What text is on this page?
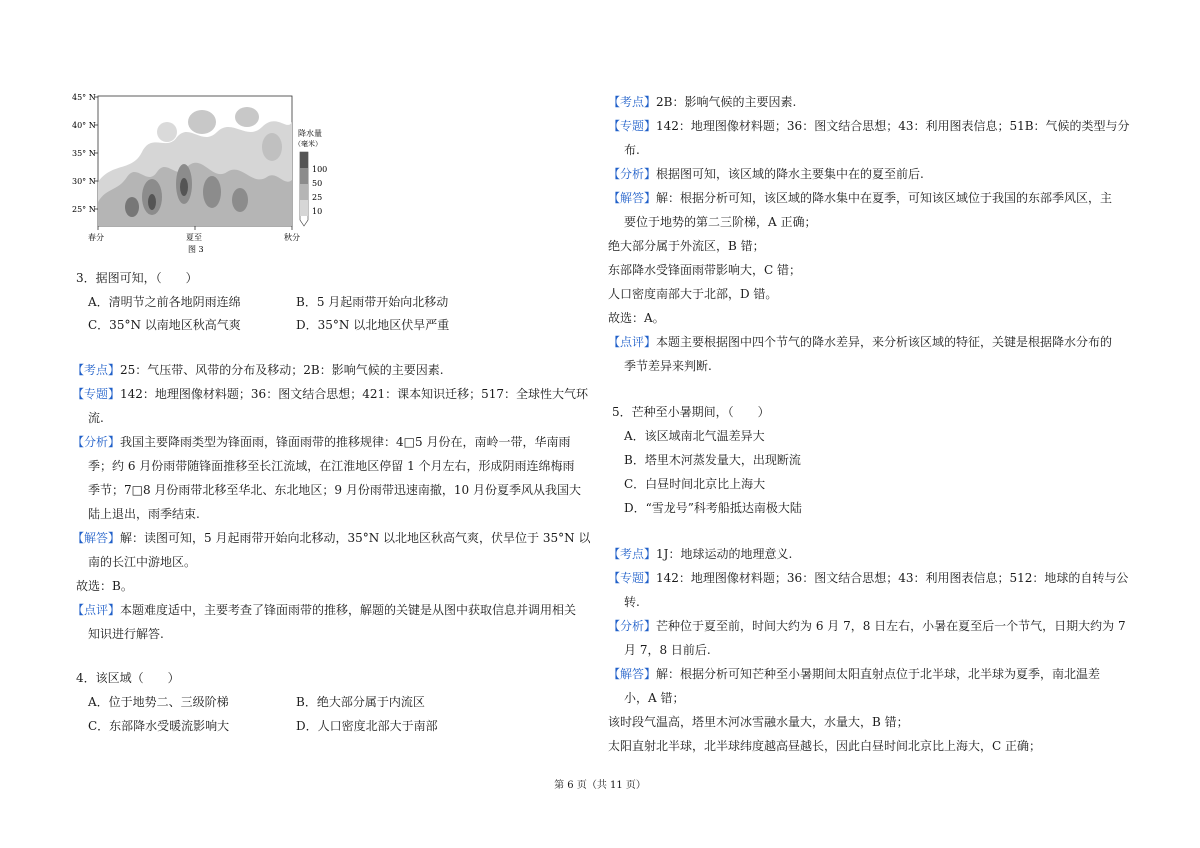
45° N
40° N
35° N
30° N
25° N
春分	夏至	秋分
图 3
降水量
（毫米）
100
50
25
10
3．据图可知，（　　）
A．清明节之前各地阴雨连绵	B．5 月起雨带开始向北移动
C．35°N 以南地区秋高气爽	D．35°N 以北地区伏旱严重
【考点】25：气压带、风带的分布及移动；2B：影响气候的主要因素.
【专题】142：地理图像材料题；36：图文结合思想；421：课本知识迁移；517：全球性大气环
流.
【分析】我国主要降雨类型为锋面雨，锋面雨带的推移规律：4□5 月份在，南岭一带，华南雨
季；约 6 月份雨带随锋面推移至长江流域，在江淮地区停留 1 个月左右，形成阴雨连绵梅雨
季节；7□8 月份雨带北移至华北、东北地区；9 月份雨带迅速南撤，10 月份夏季风从我国大
陆上退出，雨季结束.
【解答】解：读图可知，5 月起雨带开始向北移动，35°N 以北地区秋高气爽，伏旱位于 35°N 以
南的长江中游地区。
故选：B。
【点评】本题难度适中，主要考查了锋面雨带的推移，解题的关键是从图中获取信息并调用相关
知识进行解答.
4．该区域（　　）
A．位于地势二、三级阶梯	B．绝大部分属于内流区
C．东部降水受暖流影响大	D．人口密度北部大于南部
【考点】2B：影响气候的主要因素.
【专题】142：地理图像材料题；36：图文结合思想；43：利用图表信息；51B：气候的类型与分
布.
【分析】根据图可知，该区域的降水主要集中在的夏至前后.
【解答】解：根据分析可知，该区域的降水集中在夏季，可知该区域位于我国的东部季风区，主
要位于地势的第二三阶梯，A 正确；
绝大部分属于外流区，B 错；
东部降水受锋面雨带影响大，C 错；
人口密度南部大于北部，D 错。
故选：A。
【点评】本题主要根据图中四个节气的降水差异，来分析该区域的特征，关键是根据降水分布的
季节差异来判断.
5．芒种至小暑期间，（　　）
A．该区域南北气温差异大
B．塔里木河蒸发量大，出现断流
C．白昼时间北京比上海大
D．“雪龙号”科考船抵达南极大陆
【考点】1J：地球运动的地理意义.
【专题】142：地理图像材料题；36：图文结合思想；43：利用图表信息；512：地球的自转与公
转.
【分析】芒种位于夏至前，时间大约为 6 月 7，8 日左右，小暑在夏至后一个节气，日期大约为 7
月 7，8 日前后.
【解答】解：根据分析可知芒种至小暑期间太阳直射点位于北半球，北半球为夏季，南北温差
小，A 错；
该时段气温高，塔里木河冰雪融水量大，水量大，B 错；
太阳直射北半球，北半球纬度越高昼越长，因此白昼时间北京比上海大，C 正确；
第 6 页（共 11 页）
